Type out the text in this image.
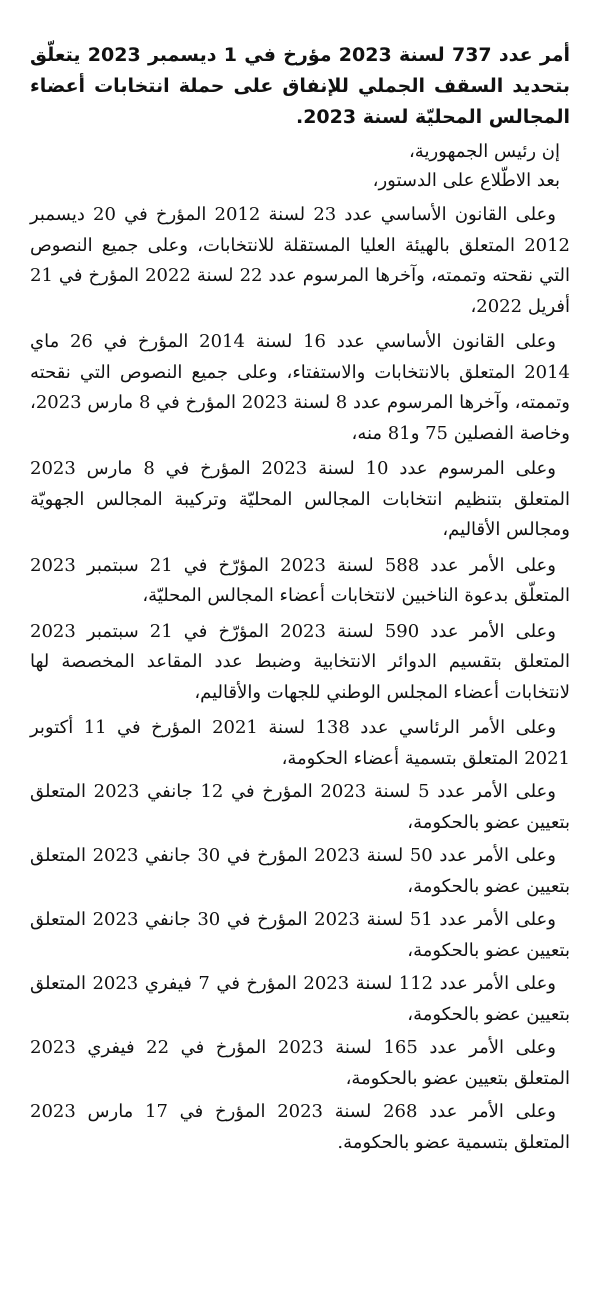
أمر عدد 737 لسنة 2023 مؤرخ في 1 ديسمبر 2023 يتعلّق بتحديد السقف الجملي للإنفاق على حملة انتخابات أعضاء المجالس المحليّة لسنة 2023.

إن رئيس الجمهورية،

بعد الاطّلاع على الدستور،

وعلى القانون الأساسي عدد 23 لسنة 2012 المؤرخ في 20 ديسمبر 2012 المتعلق بالهيئة العليا المستقلة للانتخابات، وعلى جميع النصوص التي نقحته وتممته، وآخرها المرسوم عدد 22 لسنة 2022 المؤرخ في 21 أفريل 2022،

وعلى القانون الأساسي عدد 16 لسنة 2014 المؤرخ في 26 ماي 2014 المتعلق بالانتخابات والاستفتاء، وعلى جميع النصوص التي نقحته وتممته، وآخرها المرسوم عدد 8 لسنة 2023 المؤرخ في 8 مارس 2023، وخاصة الفصلين 75 و81 منه،

وعلى المرسوم عدد 10 لسنة 2023 المؤرخ في 8 مارس 2023 المتعلق بتنظيم انتخابات المجالس المحليّة وتركيبة المجالس الجهويّة ومجالس الأقاليم،

وعلى الأمر عدد 588 لسنة 2023 المؤرّخ في 21 سبتمبر 2023 المتعلّق بدعوة الناخبين لانتخابات أعضاء المجالس المحليّة،

وعلى الأمر عدد 590 لسنة 2023 المؤرّخ في 21 سبتمبر 2023 المتعلق بتقسيم الدوائر الانتخابية وضبط عدد المقاعد المخصصة لها لانتخابات أعضاء المجلس الوطني للجهات والأقاليم،

وعلى الأمر الرئاسي عدد 138 لسنة 2021 المؤرخ في 11 أكتوبر 2021 المتعلق بتسمية أعضاء الحكومة،

وعلى الأمر عدد 5 لسنة 2023 المؤرخ في 12 جانفي 2023 المتعلق بتعيين عضو بالحكومة،

وعلى الأمر عدد 50 لسنة 2023 المؤرخ في 30 جانفي 2023 المتعلق بتعيين عضو بالحكومة،

وعلى الأمر عدد 51 لسنة 2023 المؤرخ في 30 جانفي 2023 المتعلق بتعيين عضو بالحكومة،

وعلى الأمر عدد 112 لسنة 2023 المؤرخ في 7 فيفري 2023 المتعلق بتعيين عضو بالحكومة،

وعلى الأمر عدد 165 لسنة 2023 المؤرخ في 22 فيفري 2023 المتعلق بتعيين عضو بالحكومة،

وعلى الأمر عدد 268 لسنة 2023 المؤرخ في 17 مارس 2023 المتعلق بتسمية عضو بالحكومة.
